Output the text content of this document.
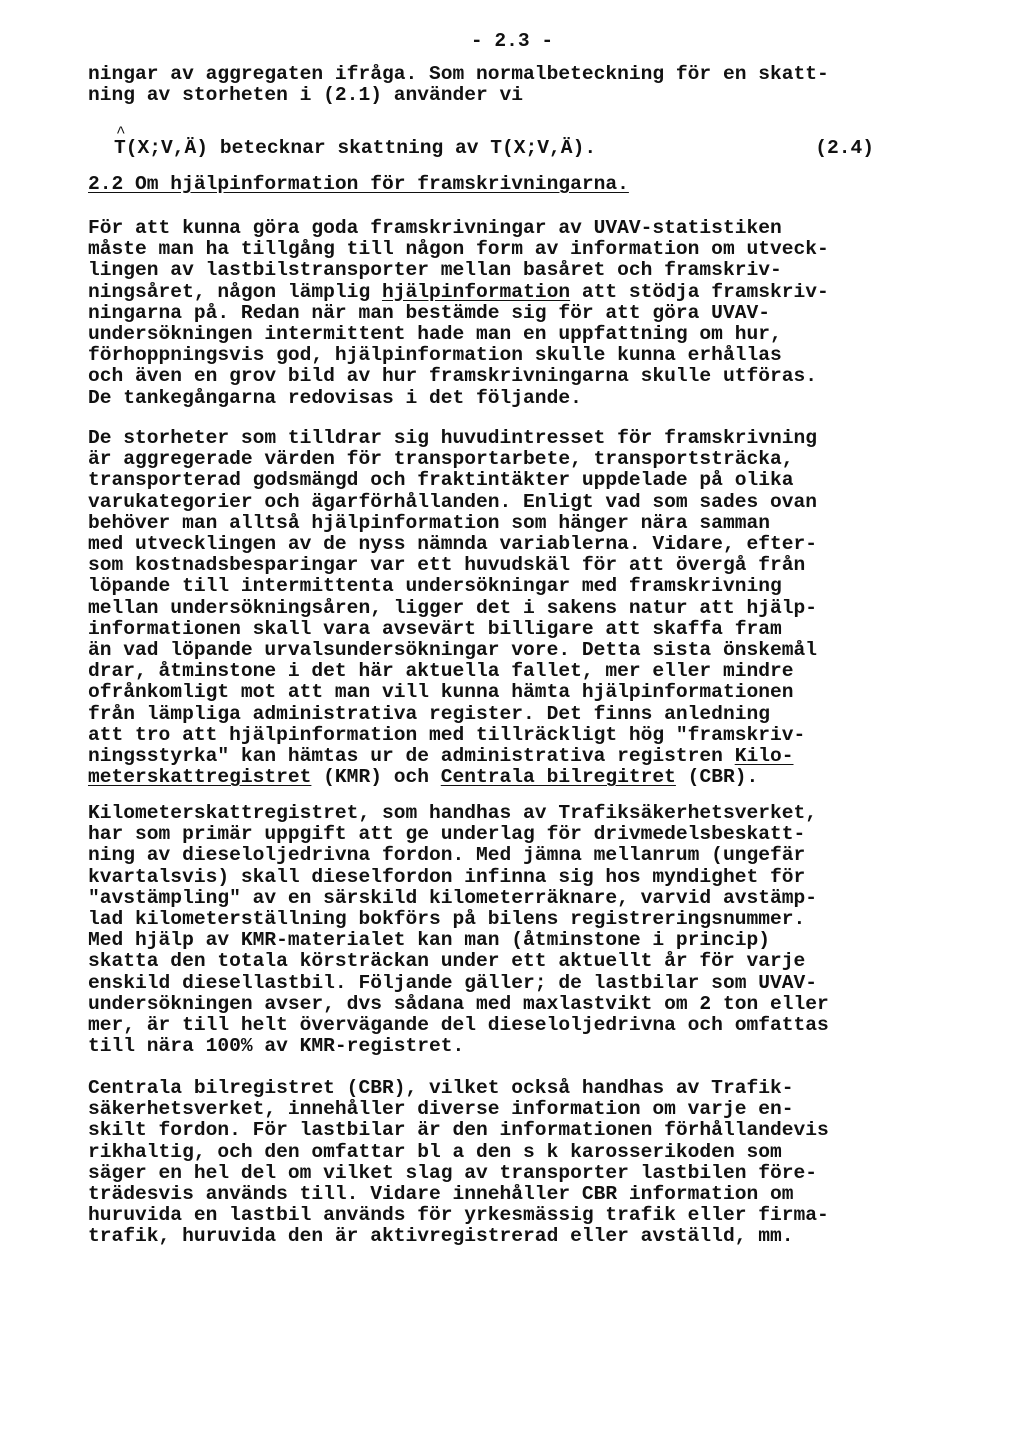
- 2.3 -
ningar av aggregaten ifråga. Som normalbeteckning för en skatt-
ning av storheten i (2.1) använder vi
^
T(X;V,Ä) betecknar skattning av T(X;V,Ä).	(2.4)
2.2 Om hjälpinformation för framskrivningarna.
För att kunna göra goda framskrivningar av UVAV-statistiken
måste man ha tillgång till någon form av information om utveck-
lingen av lastbilstransporter mellan basåret och framskriv-
ningsåret, någon lämplig hjälpinformation att stödja framskriv-
ningarna på. Redan när man bestämde sig för att göra UVAV-
undersökningen intermittent hade man en uppfattning om hur,
förhoppningsvis god, hjälpinformation skulle kunna erhållas
och även en grov bild av hur framskrivningarna skulle utföras.
De tankegångarna redovisas i det följande.
De storheter som tilldrar sig huvudintresset för framskrivning
är aggregerade värden för transportarbete, transportsträcka,
transporterad godsmängd och fraktintäkter uppdelade på olika
varukategorier och ägarförhållanden. Enligt vad som sades ovan
behöver man alltså hjälpinformation som hänger nära samman
med utvecklingen av de nyss nämnda variablerna. Vidare, efter-
som kostnadsbesparingar var ett huvudskäl för att övergå från
löpande till intermittenta undersökningar med framskrivning
mellan undersökningsåren, ligger det i sakens natur att hjälp-
informationen skall vara avsevärt billigare att skaffa fram
än vad löpande urvalsundersökningar vore. Detta sista önskemål
drar, åtminstone i det här aktuella fallet, mer eller mindre
ofrånkomligt mot att man vill kunna hämta hjälpinformationen
från lämpliga administrativa register. Det finns anledning
att tro att hjälpinformation med tillräckligt hög "framskriv-
ningsstyrka" kan hämtas ur de administrativa registren Kilo-
meterskattregistret (KMR) och Centrala bilregitret (CBR).
Kilometerskattregistret, som handhas av Trafiksäkerhetsverket,
har som primär uppgift att ge underlag för drivmedelsbeskatt-
ning av dieseloljedrivna fordon. Med jämna mellanrum (ungefär
kvartalsvis) skall dieselfordon infinna sig hos myndighet för
"avstämpling" av en särskild kilometerräknare, varvid avstämp-
lad kilometerställning bokförs på bilens registreringsnummer.
Med hjälp av KMR-materialet kan man (åtminstone i princip)
skatta den totala körsträckan under ett aktuellt år för varje
enskild diesellastbil. Följande gäller; de lastbilar som UVAV-
undersökningen avser, dvs sådana med maxlastvikt om 2 ton eller
mer, är till helt övervägande del dieseloljedrivna och omfattas
till nära 100% av KMR-registret.
Centrala bilregistret (CBR), vilket också handhas av Trafik-
säkerhetsverket, innehåller diverse information om varje en-
skilt fordon. För lastbilar är den informationen förhållandevis
rikhaltig, och den omfattar bl a den s k karosserikoden som
säger en hel del om vilket slag av transporter lastbilen före-
trädesvis används till. Vidare innehåller CBR information om
huruvida en lastbil används för yrkesmässig trafik eller firma-
trafik, huruvida den är aktivregistrerad eller avställd, mm.
